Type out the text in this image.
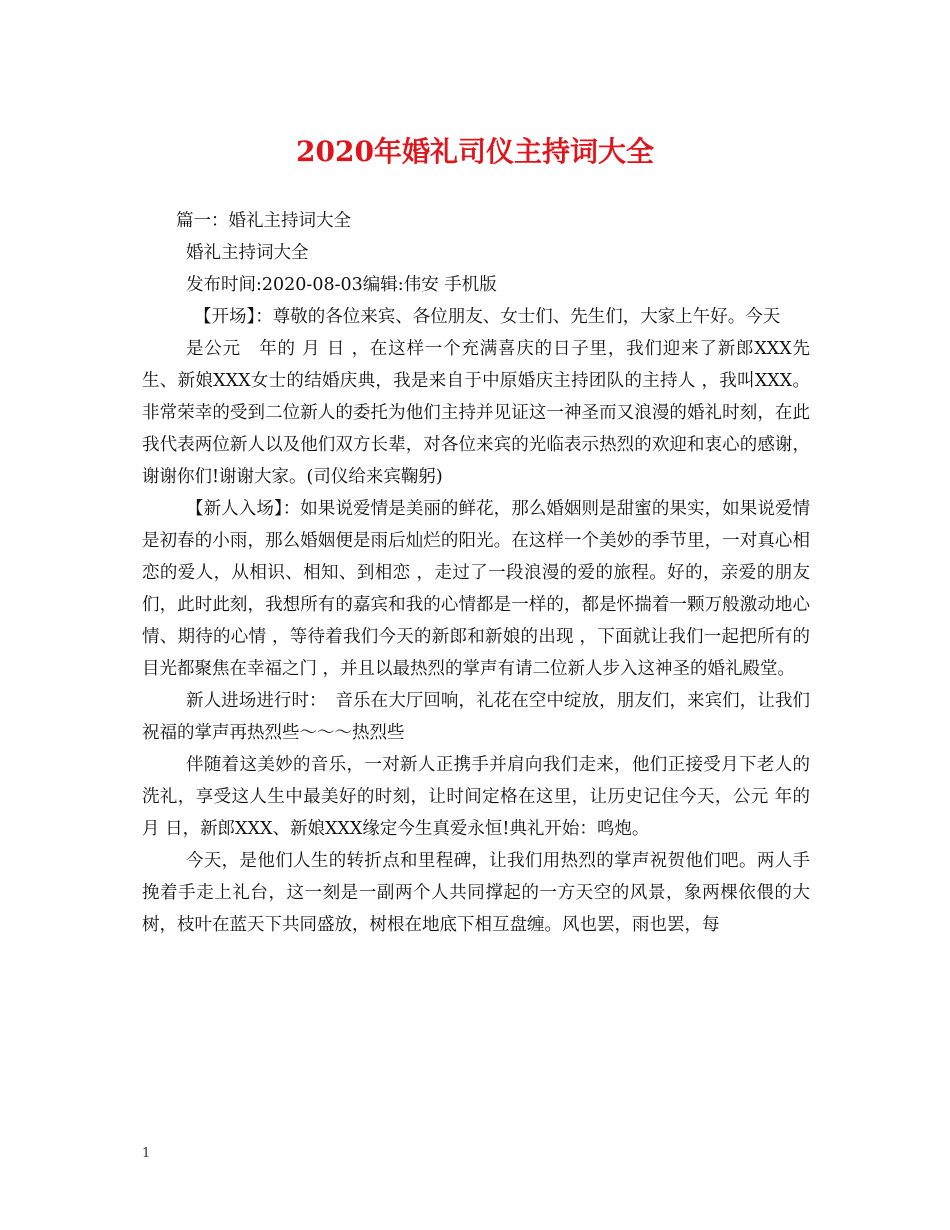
2020年婚礼司仪主持词大全

篇一：婚礼主持词大全

婚礼主持词大全

发布时间:2020-08-03编辑:伟安 手机版

【开场】：尊敬的各位来宾、各位朋友、女士们、先生们，大家上午好。今天

是公元　年的 月 日 ，在这样一个充满喜庆的日子里，我们迎来了新郎XXX先生、新娘XXX女士的结婚庆典，我是来自于中原婚庆主持团队的主持人 ，我叫XXX。非常荣幸的受到二位新人的委托为他们主持并见证这一神圣而又浪漫的婚礼时刻，在此我代表两位新人以及他们双方长辈，对各位来宾的光临表示热烈的欢迎和衷心的感谢，谢谢你们!谢谢大家。(司仪给来宾鞠躬)

【新人入场】：如果说爱情是美丽的鲜花，那么婚姻则是甜蜜的果实，如果说爱情是初春的小雨，那么婚姻便是雨后灿烂的阳光。在这样一个美妙的季节里，一对真心相恋的爱人，从相识、相知、到相恋 ，走过了一段浪漫的爱的旅程。好的，亲爱的朋友们，此时此刻，我想所有的嘉宾和我的心情都是一样的，都是怀揣着一颗万般激动地心情、期待的心情 ，等待着我们今天的新郎和新娘的出现 ，下面就让我们一起把所有的目光都聚焦在幸福之门 ，并且以最热烈的掌声有请二位新人步入这神圣的婚礼殿堂。

新人进场进行时：　音乐在大厅回响，礼花在空中绽放，朋友们，来宾们，让我们祝福的掌声再热烈些～～～热烈些

伴随着这美妙的音乐，一对新人正携手并肩向我们走来，他们正接受月下老人的洗礼，享受这人生中最美好的时刻，让时间定格在这里，让历史记住今天，公元 年的 月 日，新郎XXX、新娘XXX缘定今生真爱永恒!典礼开始：鸣炮。

今天，是他们人生的转折点和里程碑，让我们用热烈的掌声祝贺他们吧。两人手挽着手走上礼台，这一刻是一副两个人共同撑起的一方天空的风景，象两棵依偎的大树，枝叶在蓝天下共同盛放，树根在地底下相互盘缠。风也罢，雨也罢，每

1
